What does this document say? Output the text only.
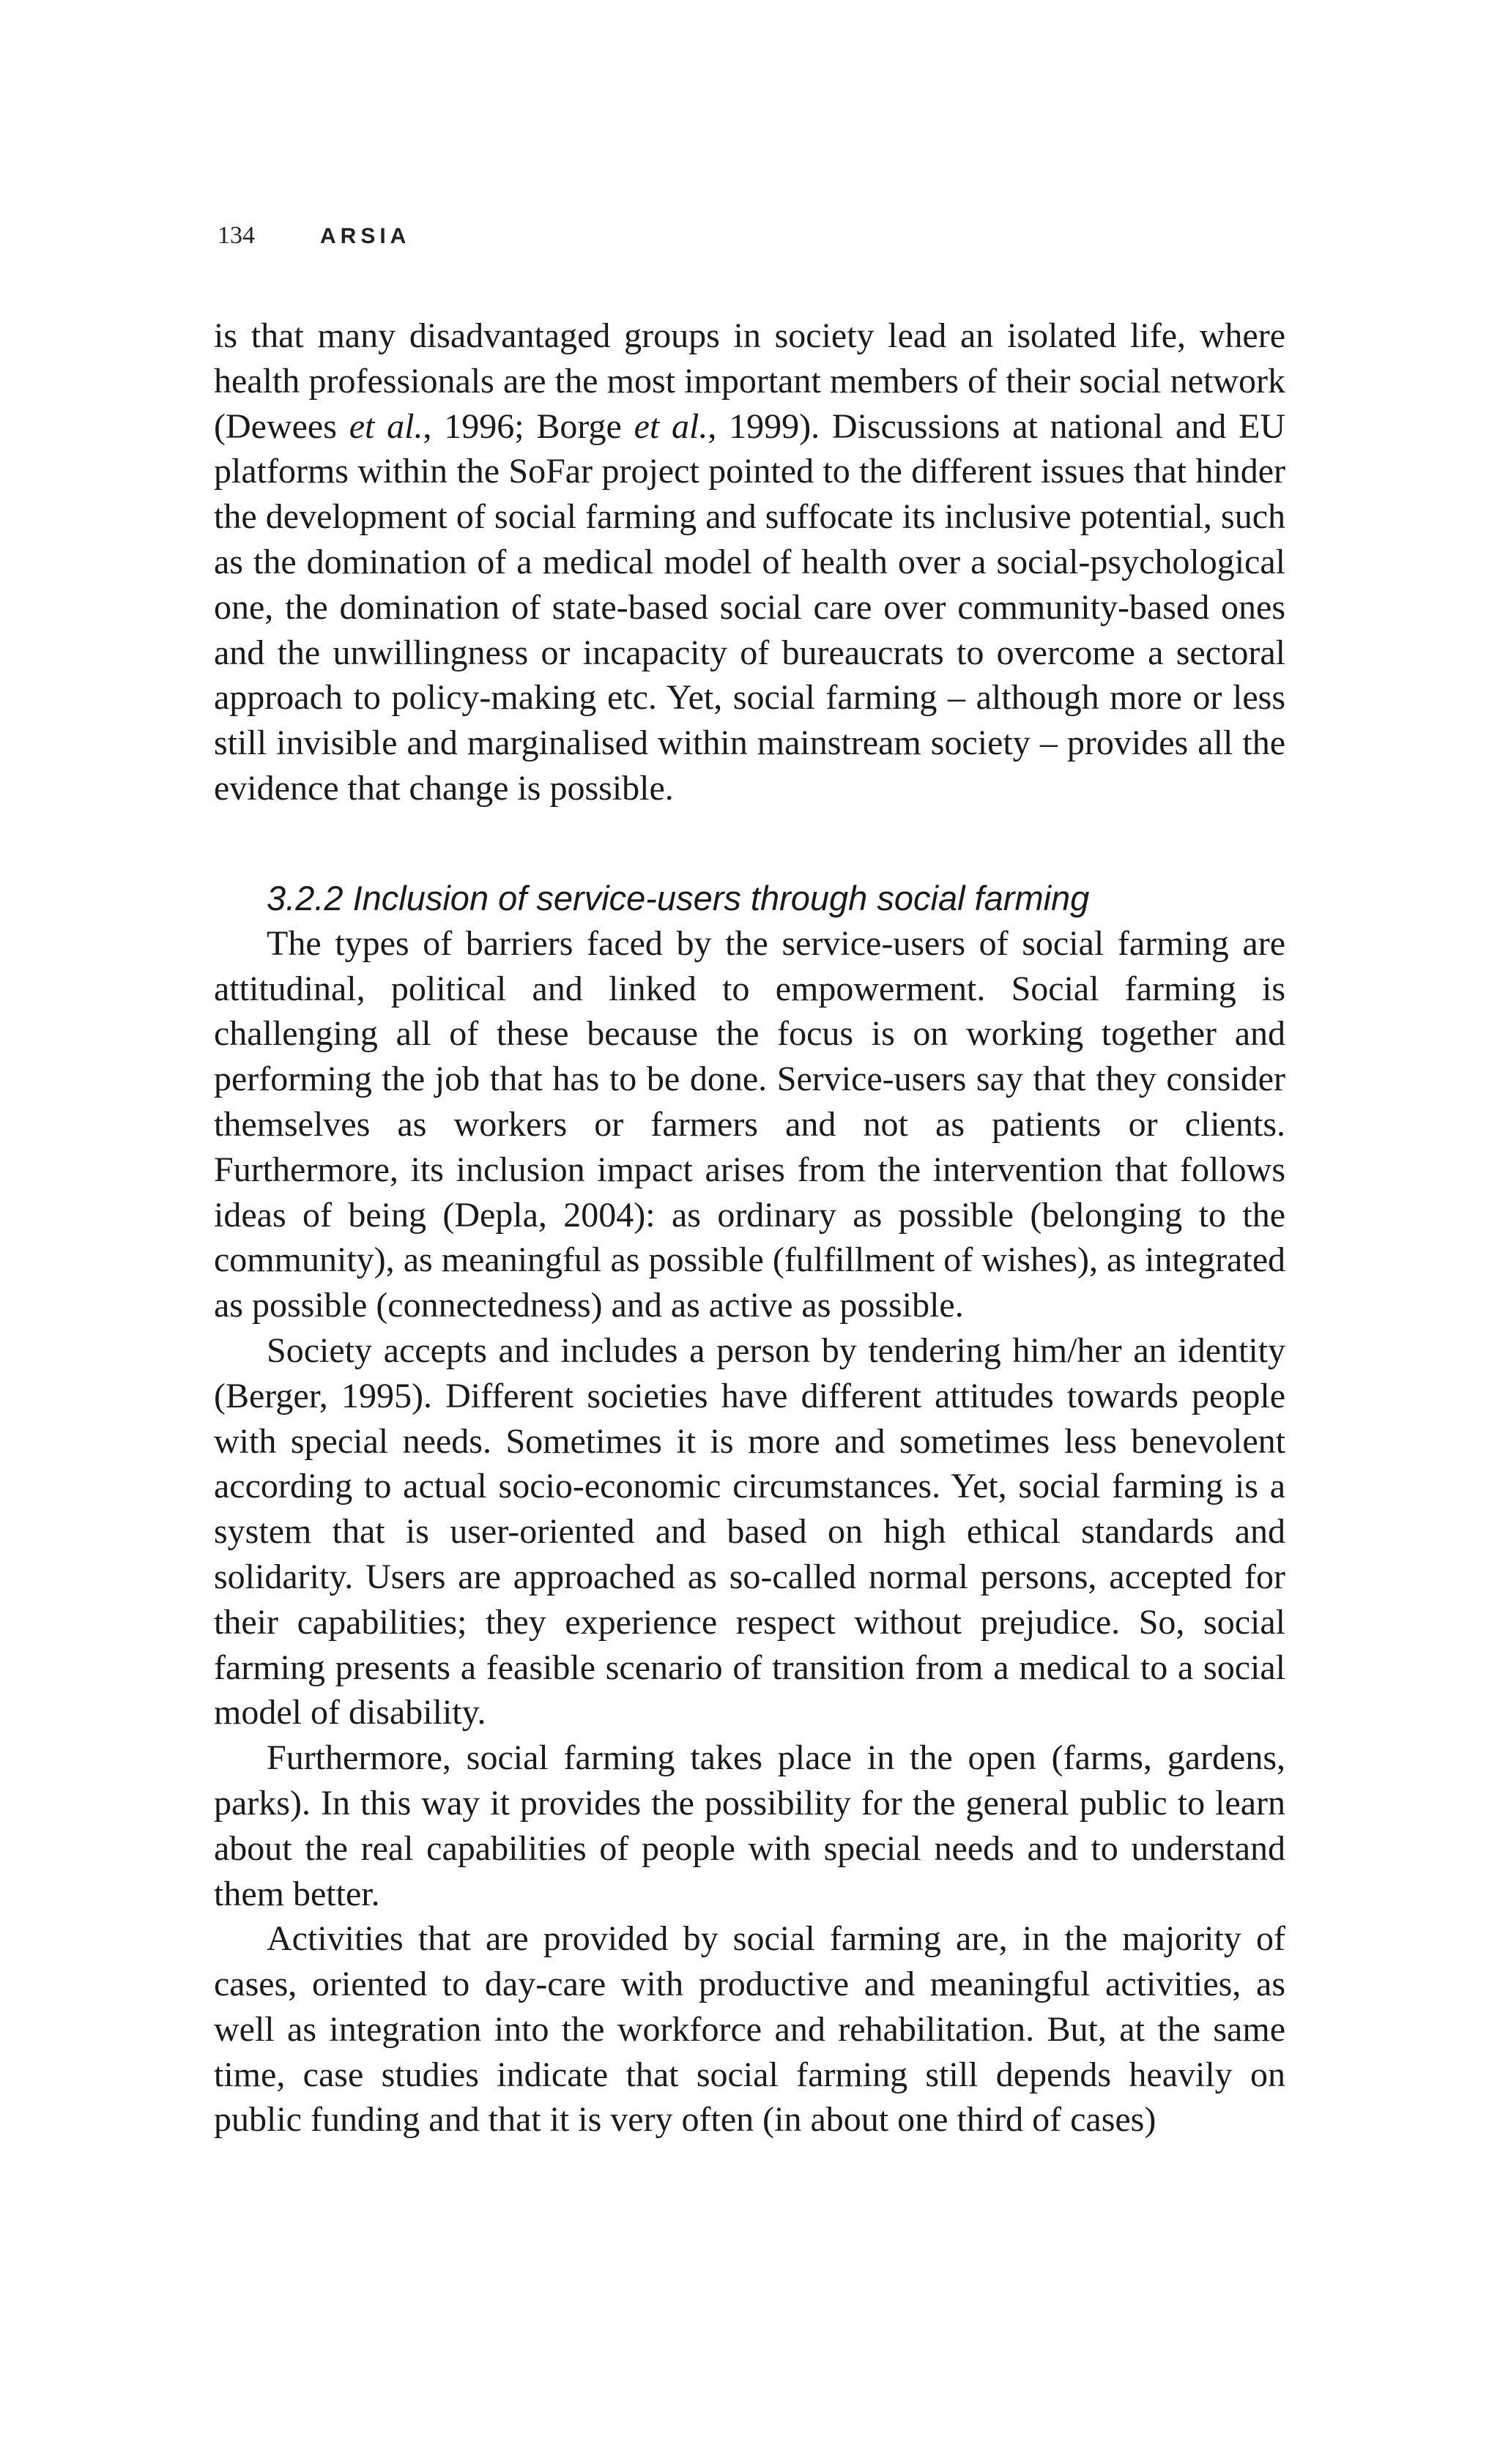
134	ARSIA

is that many disadvantaged groups in society lead an isolated life, where health professionals are the most important members of their social network (Dewees et al., 1996; Borge et al., 1999). Discussions at national and EU platforms within the SoFar project pointed to the different issues that hinder the development of social farming and suffocate its inclusive potential, such as the domination of a medical model of health over a social-psychological one, the domination of state-based social care over community-based ones and the unwillingness or incapacity of bureaucrats to overcome a sectoral approach to policy-making etc. Yet, social farming – although more or less still invisible and marginalised within mainstream society – provides all the evidence that change is possible.

3.2.2 Inclusion of service-users through social farming

The types of barriers faced by the service-users of social farming are attitudinal, political and linked to empowerment. Social farming is challenging all of these because the focus is on working together and performing the job that has to be done. Service-users say that they consider themselves as workers or farmers and not as patients or clients. Furthermore, its inclusion impact arises from the intervention that follows ideas of being (Depla, 2004): as ordinary as possible (belonging to the community), as meaningful as possible (fulfillment of wishes), as integrated as possible (connectedness) and as active as possible.

Society accepts and includes a person by tendering him/her an identity (Berger, 1995). Different societies have different attitudes towards people with special needs. Sometimes it is more and sometimes less benevolent according to actual socio-economic circumstances. Yet, social farming is a system that is user-oriented and based on high ethical standards and solidarity. Users are approached as so-called normal persons, accepted for their capabilities; they experience respect without prejudice. So, social farming presents a feasible scenario of transition from a medical to a social model of disability.

Furthermore, social farming takes place in the open (farms, gardens, parks). In this way it provides the possibility for the general public to learn about the real capabilities of people with special needs and to understand them better.

Activities that are provided by social farming are, in the majority of cases, oriented to day-care with productive and meaningful activities, as well as integration into the workforce and rehabilitation. But, at the same time, case studies indicate that social farming still depends heavily on public funding and that it is very often (in about one third of cases)
